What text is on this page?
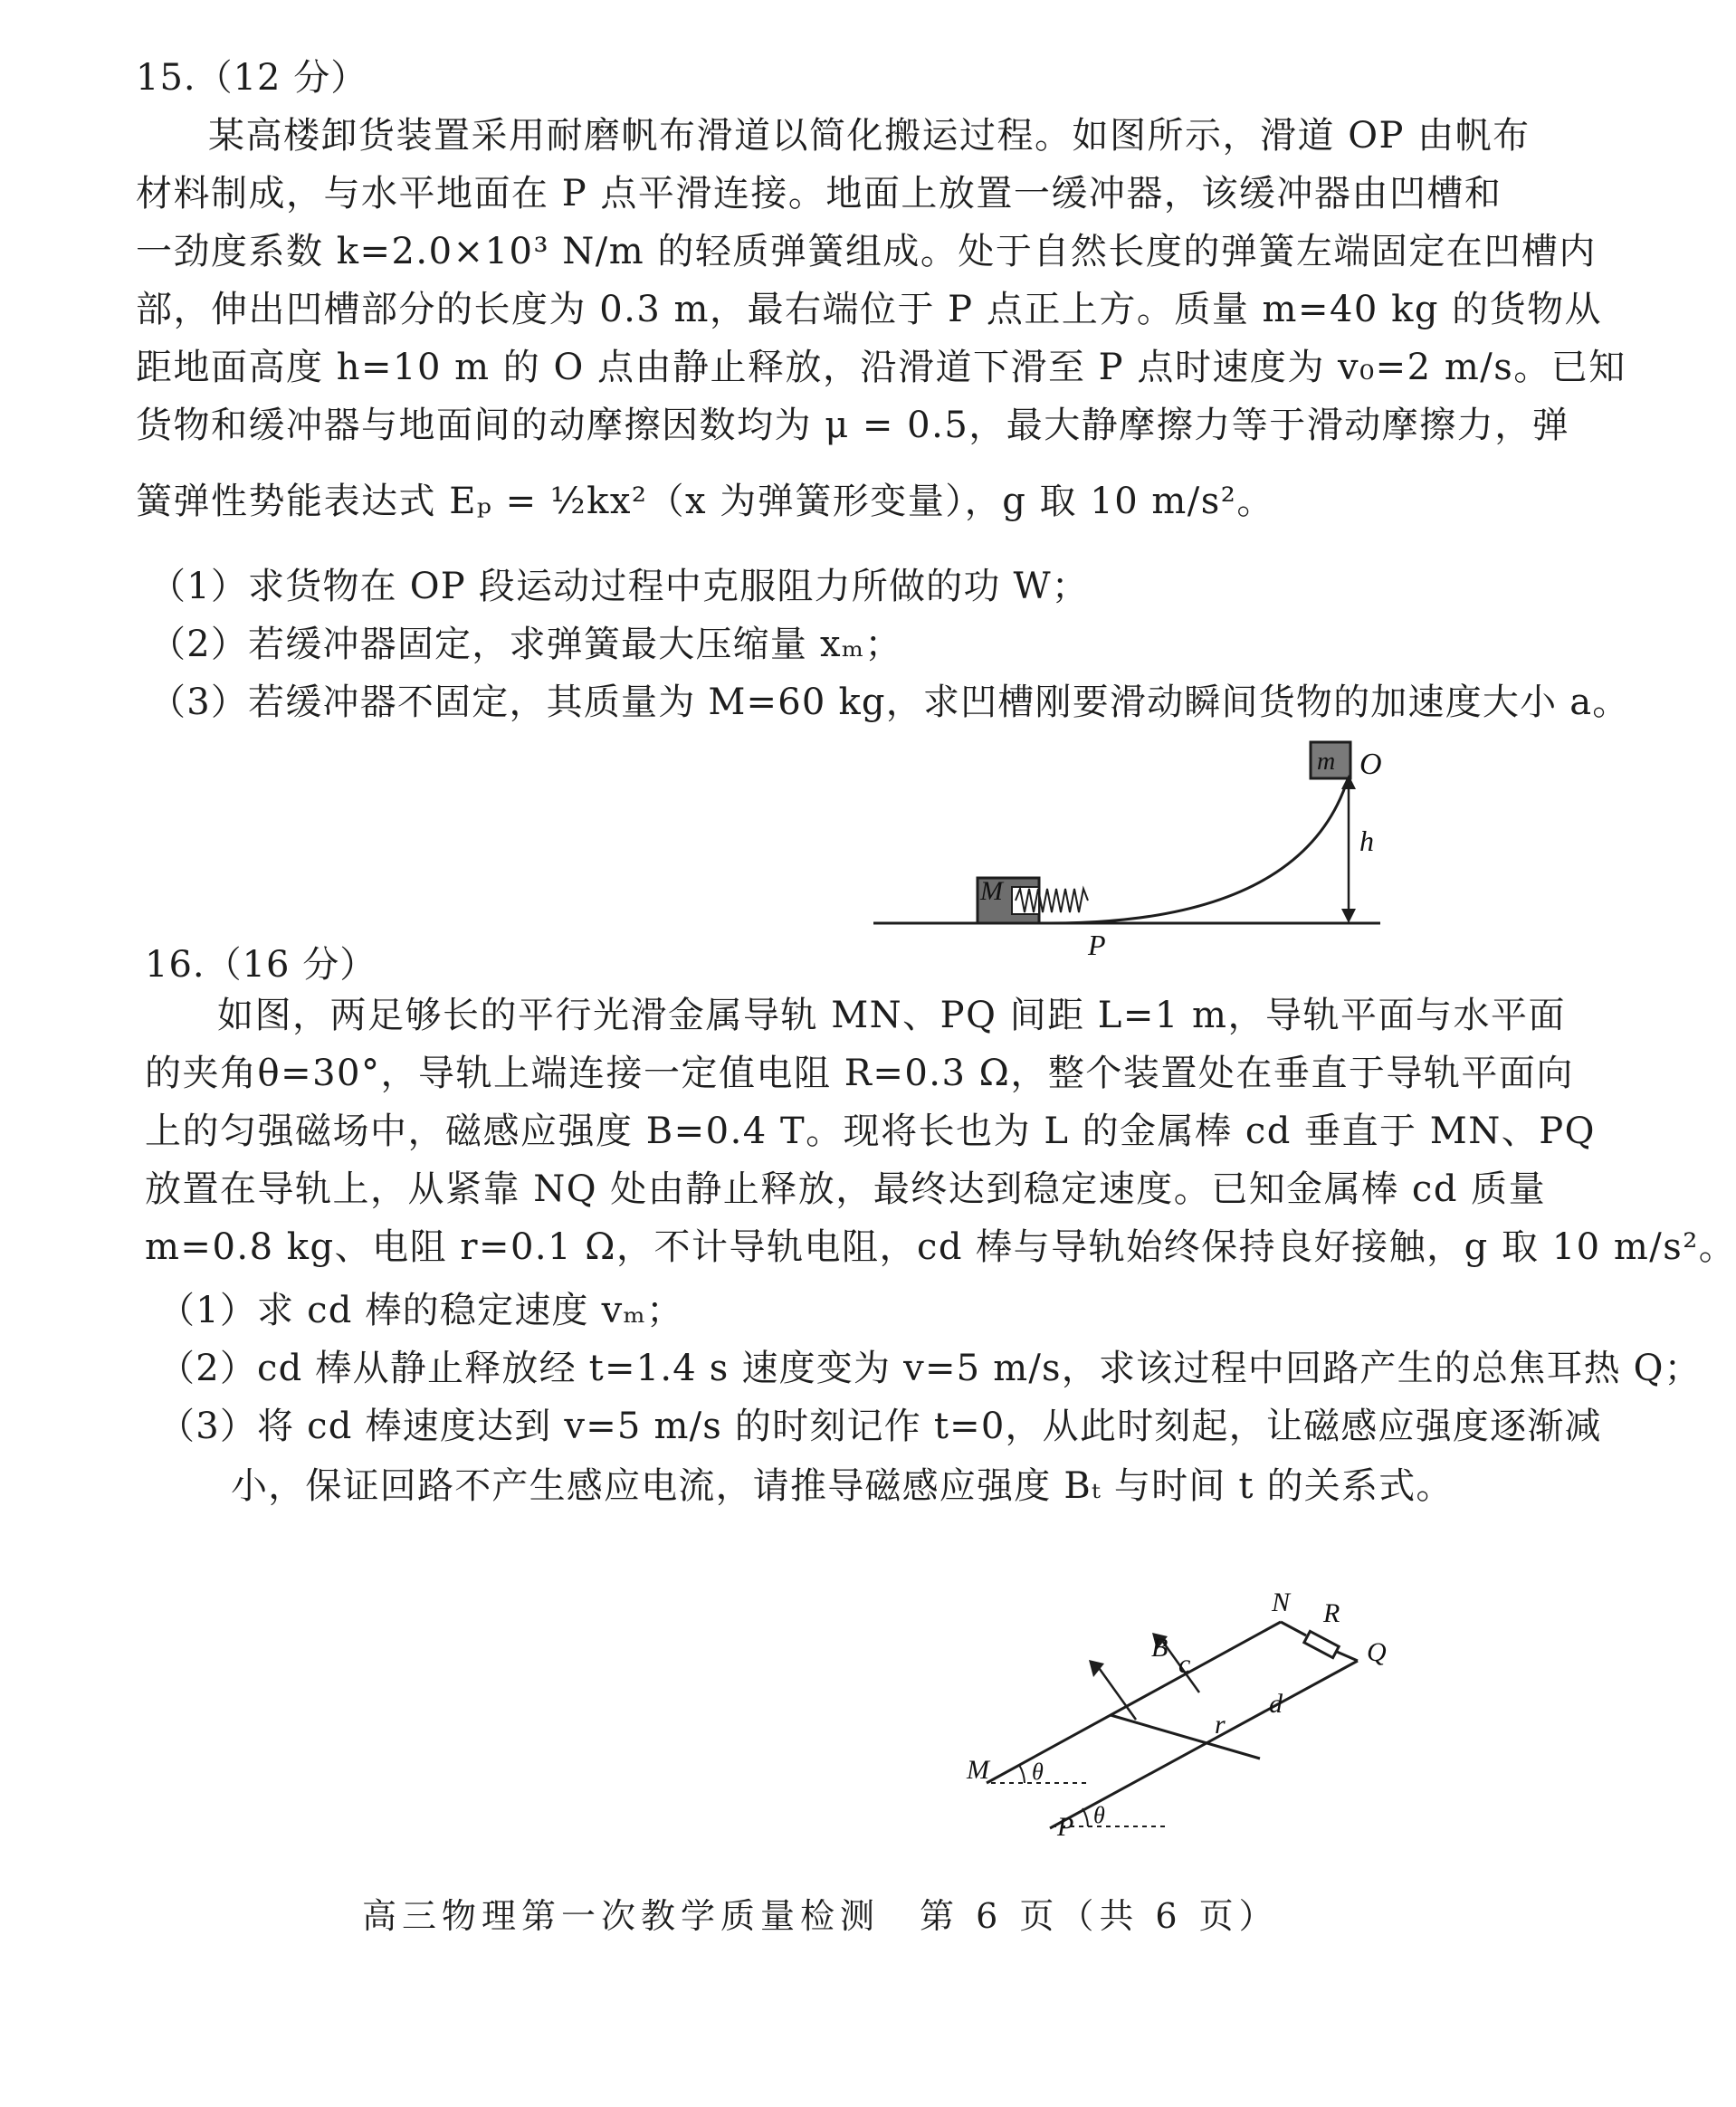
15.（12 分）
某高楼卸货装置采用耐磨帆布滑道以简化搬运过程。如图所示，滑道 OP 由帆布
材料制成，与水平地面在 P 点平滑连接。地面上放置一缓冲器，该缓冲器由凹槽和
一劲度系数 k=2.0×10³ N/m 的轻质弹簧组成。处于自然长度的弹簧左端固定在凹槽内
部，伸出凹槽部分的长度为 0.3 m，最右端位于 P 点正上方。质量 m=40 kg 的货物从
距地面高度 h=10 m 的 O 点由静止释放，沿滑道下滑至 P 点时速度为 v₀=2 m/s。已知
货物和缓冲器与地面间的动摩擦因数均为 μ = 0.5，最大静摩擦力等于滑动摩擦力，弹
簧弹性势能表达式 Eₚ = ½kx²（x 为弹簧形变量），g 取 10 m/s²。
（1）求货物在 OP 段运动过程中克服阻力所做的功 W；
（2）若缓冲器固定，求弹簧最大压缩量 xₘ；
（3）若缓冲器不固定，其质量为 M=60 kg，求凹槽刚要滑动瞬间货物的加速度大小 a。
M
m O
h
P
16.（16 分）
如图，两足够长的平行光滑金属导轨 MN、PQ 间距 L=1 m，导轨平面与水平面
的夹角θ=30°，导轨上端连接一定值电阻 R=0.3 Ω，整个装置处在垂直于导轨平面向
上的匀强磁场中，磁感应强度 B=0.4 T。现将长也为 L 的金属棒 cd 垂直于 MN、PQ
放置在导轨上，从紧靠 NQ 处由静止释放，最终达到稳定速度。已知金属棒 cd 质量
m=0.8 kg、电阻 r=0.1 Ω，不计导轨电阻，cd 棒与导轨始终保持良好接触，g 取 10 m/s²。
（1）求 cd 棒的稳定速度 vₘ；
（2）cd 棒从静止释放经 t=1.4 s 速度变为 v=5 m/s，求该过程中回路产生的总焦耳热 Q；
（3）将 cd 棒速度达到 v=5 m/s 的时刻记作 t=0，从此时刻起，让磁感应强度逐渐减
小，保证回路不产生感应电流，请推导磁感应强度 Bₜ 与时间 t 的关系式。
B
N R
Q
c
r
d
M
P
θ
θ
高三物理第一次教学质量检测　第 6 页（共 6 页）
